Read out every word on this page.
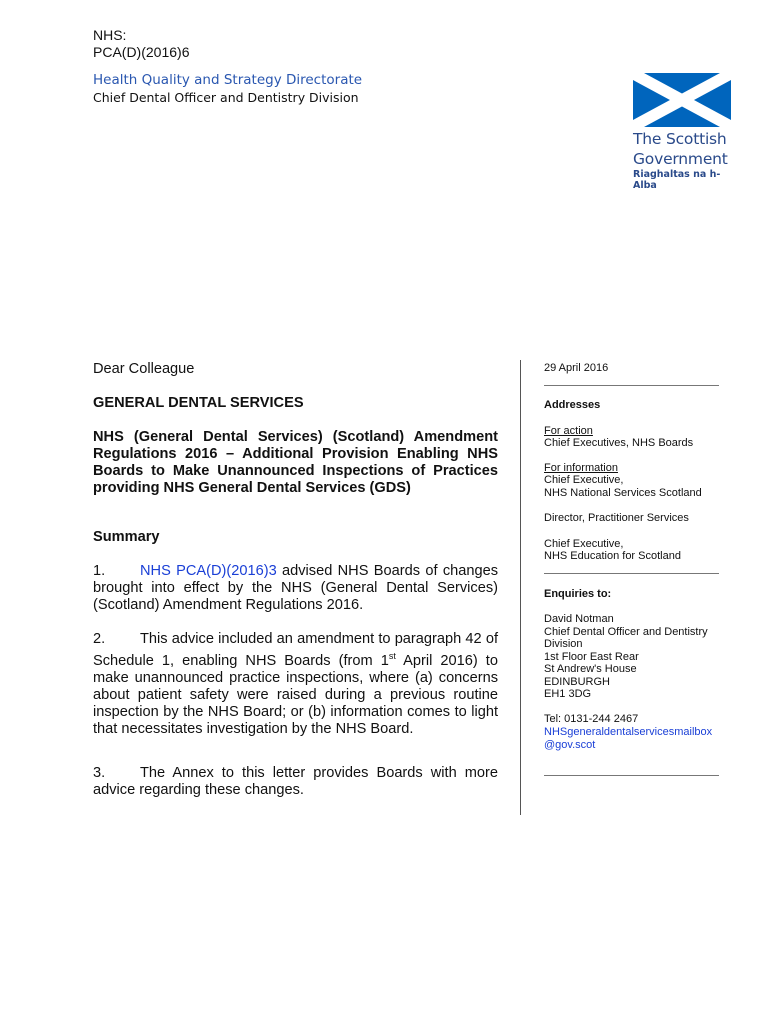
NHS:
PCA(D)(2016)6
Health Quality and Strategy Directorate
Chief Dental Officer and Dentistry Division
The Scottish
Government
Riaghaltas na h-Alba
Dear Colleague
GENERAL DENTAL SERVICES
NHS (General Dental Services) (Scotland) Amendment Regulations 2016 – Additional Provision Enabling NHS Boards to Make Unannounced Inspections of Practices providing NHS General Dental Services (GDS)
Summary
1. NHS PCA(D)(2016)3 advised NHS Boards of changes brought into effect by the NHS (General Dental Services) (Scotland) Amendment Regulations 2016.
2. This advice included an amendment to paragraph 42 of Schedule 1, enabling NHS Boards (from 1st April 2016) to make unannounced practice inspections, where (a) concerns about patient safety were raised during a previous routine inspection by the NHS Board; or (b) information comes to light that necessitates investigation by the NHS Board.
3. The Annex to this letter provides Boards with more advice regarding these changes.
29 April 2016
Addresses
For action
Chief Executives, NHS Boards
For information
Chief Executive,
NHS National Services Scotland
Director, Practitioner Services
Chief Executive,
NHS Education for Scotland
Enquiries to:
David Notman
Chief Dental Officer and Dentistry
Division
1st Floor East Rear
St Andrew's House
EDINBURGH
EH1 3DG
Tel: 0131-244 2467
NHSgeneraldentalservicesmailbox
@gov.scot
